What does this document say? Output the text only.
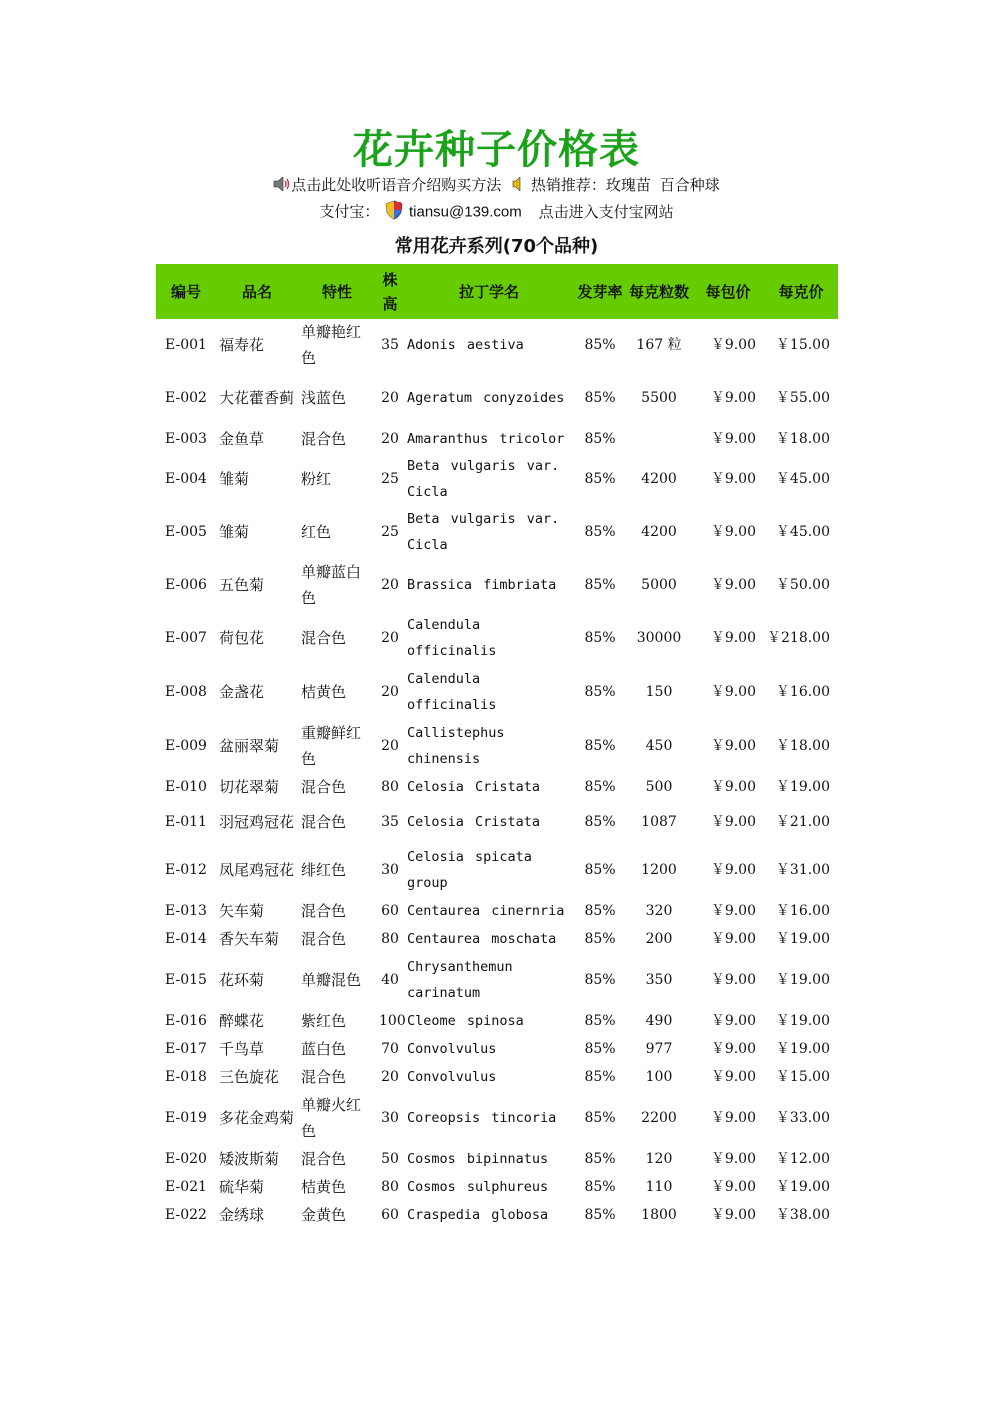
花卉种子价格表
点击此处收听语音介绍购买方法 热销推荐：玫瑰苗 百合种球
支付宝： tiansu@139.com 点击进入支付宝网站
常用花卉系列(70个品种)
编号	品名	特性	株高	拉丁学名	发芽率	每克粒数	每包价	每克价
E-001	福寿花	单瓣艳红色	35	Adonis aestiva	85%	167 粒	￥9.00	￥15.00
E-002	大花藿香蓟	浅蓝色	20	Ageratum conyzoides	85%	5500	￥9.00	￥55.00
E-003	金鱼草	混合色	20	Amaranthus tricolor	85%		￥9.00	￥18.00
E-004	雏菊	粉红	25	Beta vulgaris var. Cicla	85%	4200	￥9.00	￥45.00
E-005	雏菊	红色	25	Beta vulgaris var. Cicla	85%	4200	￥9.00	￥45.00
E-006	五色菊	单瓣蓝白色	20	Brassica fimbriata	85%	5000	￥9.00	￥50.00
E-007	荷包花	混合色	20	Calendula officinalis	85%	30000	￥9.00	￥218.00
E-008	金盏花	桔黄色	20	Calendula officinalis	85%	150	￥9.00	￥16.00
E-009	盆丽翠菊	重瓣鲜红色	20	Callistephus chinensis	85%	450	￥9.00	￥18.00
E-010	切花翠菊	混合色	80	Celosia Cristata	85%	500	￥9.00	￥19.00
E-011	羽冠鸡冠花	混合色	35	Celosia Cristata	85%	1087	￥9.00	￥21.00
E-012	凤尾鸡冠花	绯红色	30	Celosia spicata group	85%	1200	￥9.00	￥31.00
E-013	矢车菊	混合色	60	Centaurea cinernria	85%	320	￥9.00	￥16.00
E-014	香矢车菊	混合色	80	Centaurea moschata	85%	200	￥9.00	￥19.00
E-015	花环菊	单瓣混色	40	Chrysanthemun carinatum	85%	350	￥9.00	￥19.00
E-016	醉蝶花	紫红色	100	Cleome spinosa	85%	490	￥9.00	￥19.00
E-017	千鸟草	蓝白色	70	Convolvulus	85%	977	￥9.00	￥19.00
E-018	三色旋花	混合色	20	Convolvulus	85%	100	￥9.00	￥15.00
E-019	多花金鸡菊	单瓣火红色	30	Coreopsis tincoria	85%	2200	￥9.00	￥33.00
E-020	矮波斯菊	混合色	50	Cosmos bipinnatus	85%	120	￥9.00	￥12.00
E-021	硫华菊	桔黄色	80	Cosmos sulphureus	85%	110	￥9.00	￥19.00
E-022	金绣球	金黄色	60	Craspedia globosa	85%	1800	￥9.00	￥38.00
